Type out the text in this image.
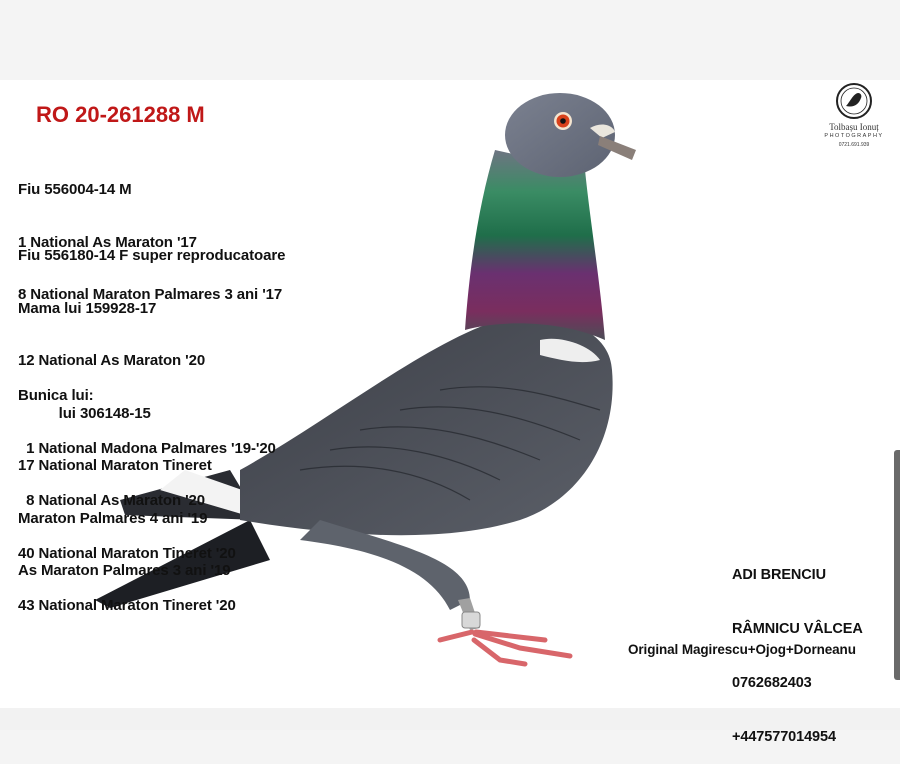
RO 20-261288 M

Fiu 556004-14 M

1 National As Maraton '17

8 National Maraton Palmares 3 ani '17

Fiu 556180-14 F super reproducatoare

Mama lui 159928-17

12 National As Maraton '20

lui 306148-15

17 National Maraton Tineret

Maraton Palmares 4 ani '19

As Maraton Palmares 3 ani '19

Bunica lui:

1 National Madona Palmares '19-'20

8 National As Maraton '20

40 National Maraton Tineret '20

43 National Maraton Tineret '20

ADI BRENCIU

RÂMNICU VÂLCEA

0762682403

+447577014954

Original Magirescu+Ojog+Dorneanu
Tolbașu Ionuț
PHOTOGRAPHY
0721.691.939
